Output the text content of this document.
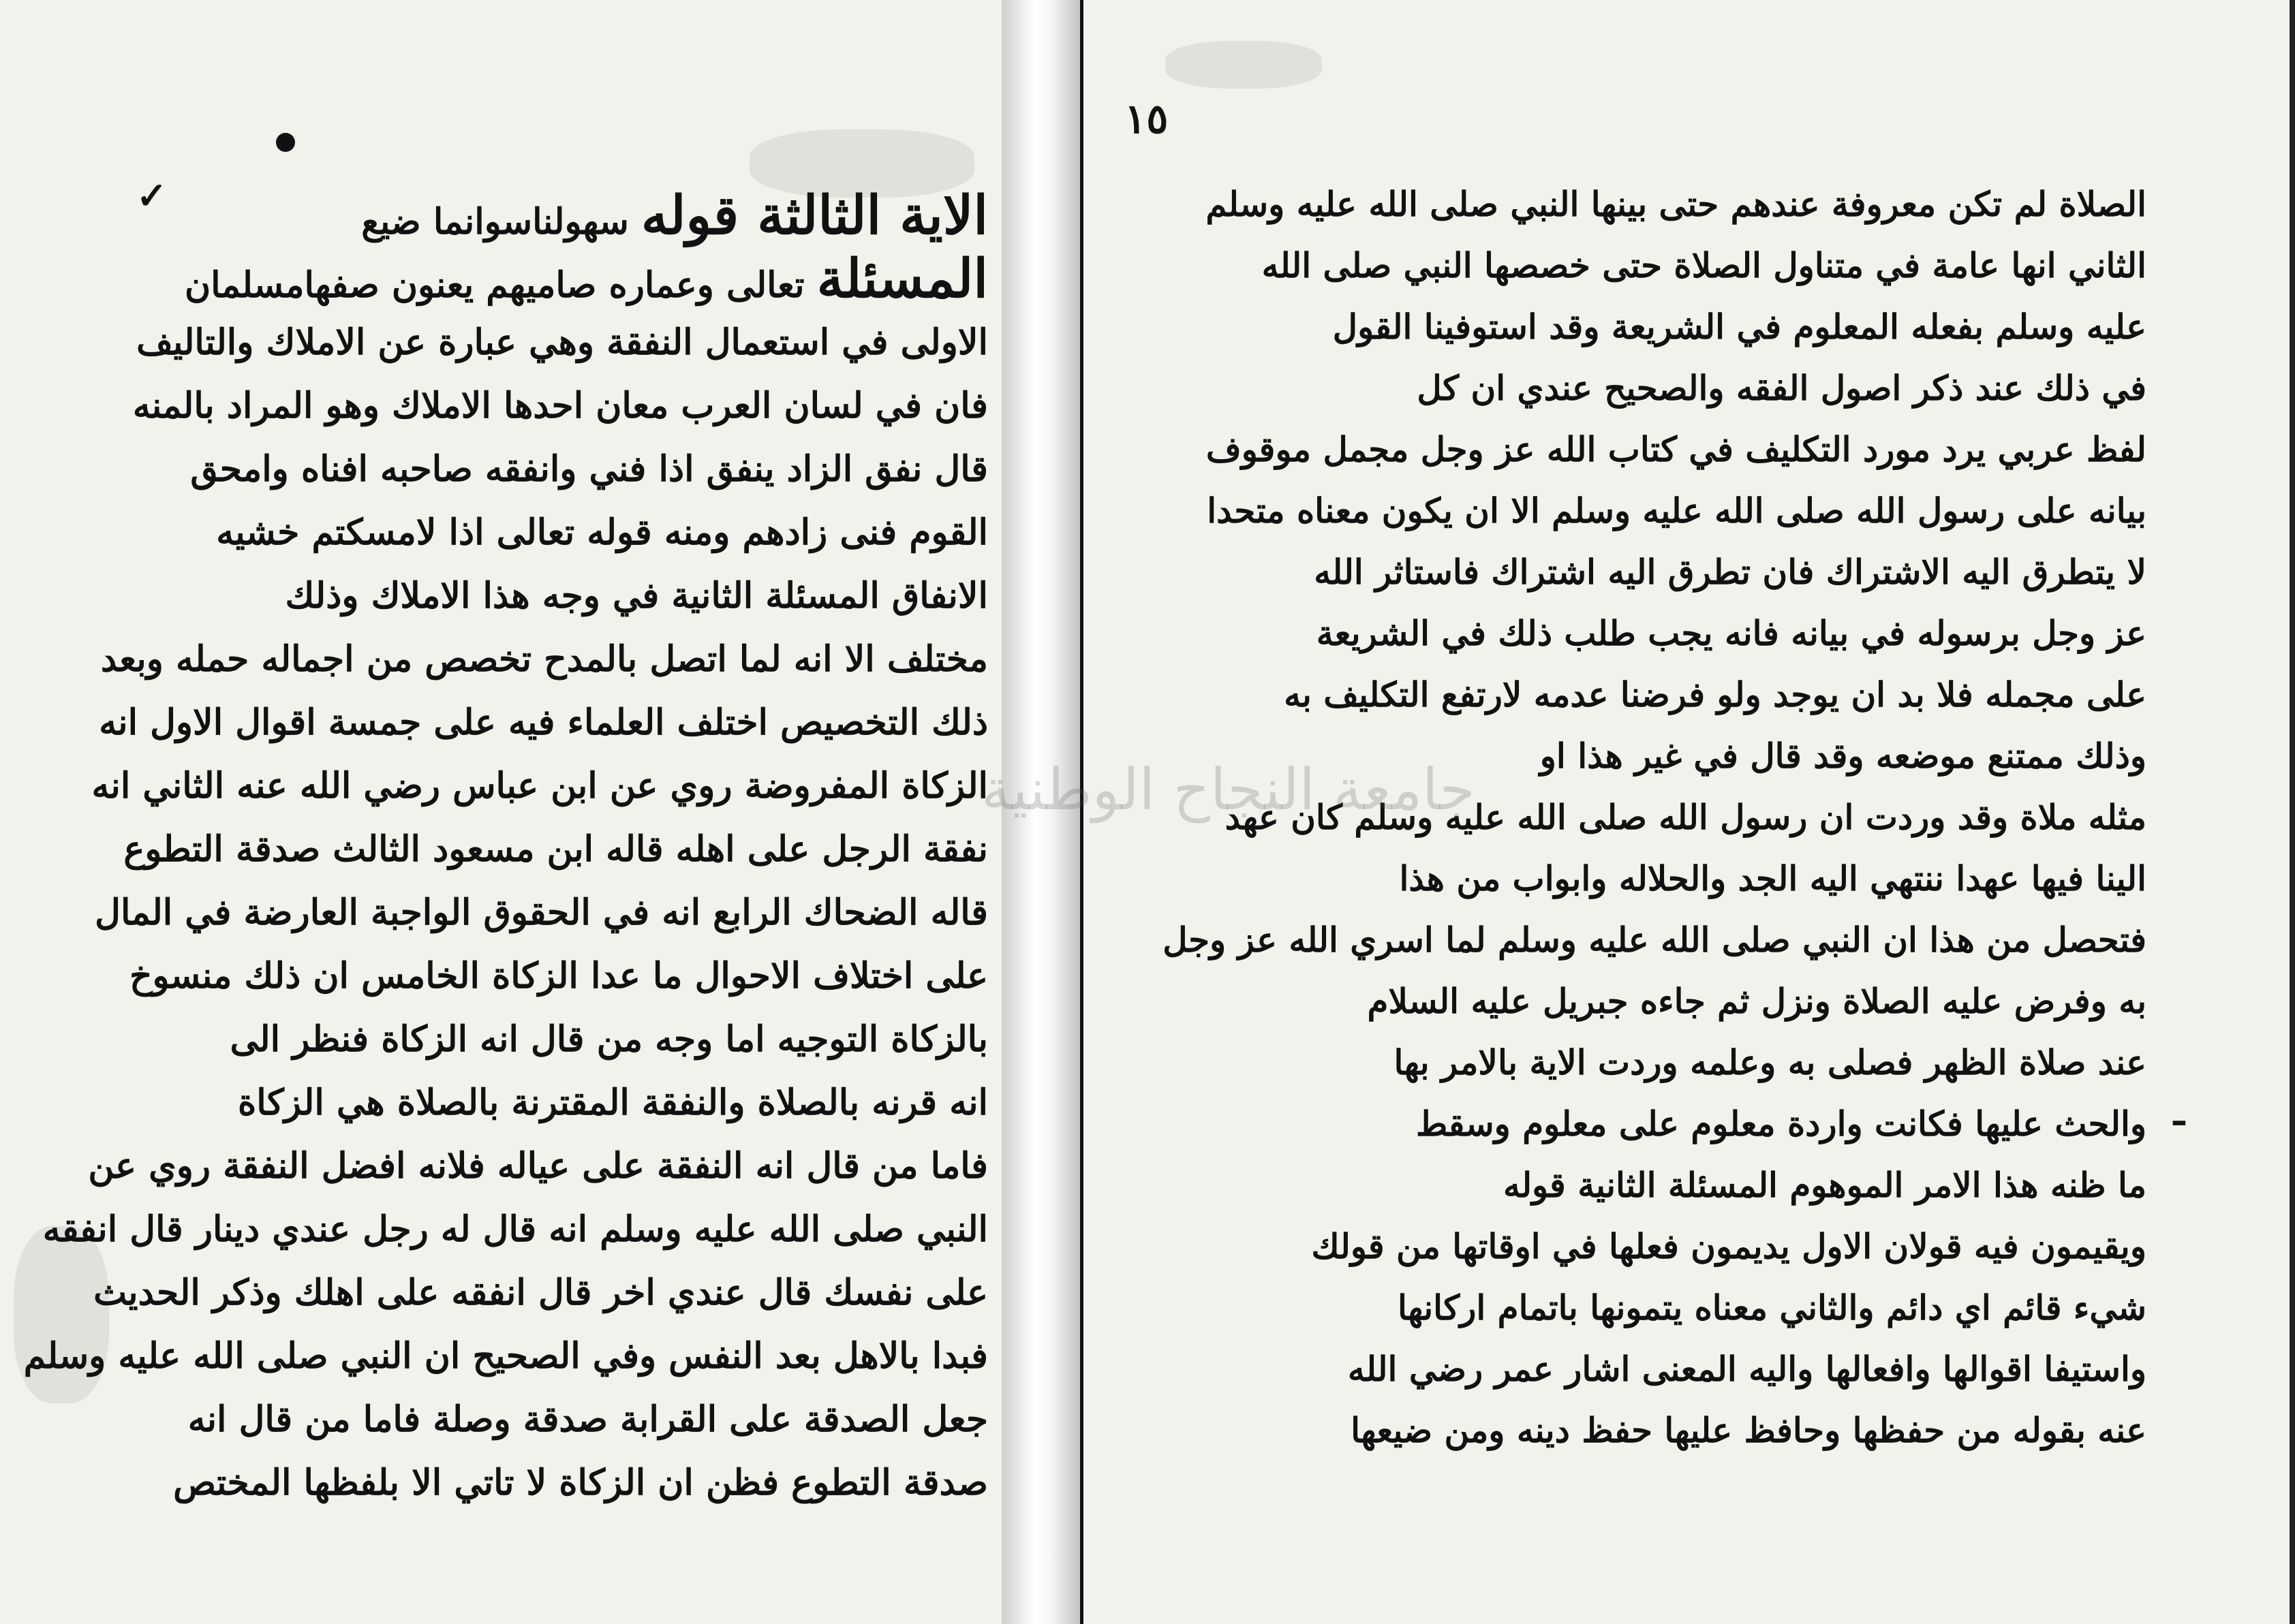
✓	الاية الثالثة قوله سهولناسوانما ضيع
المسئلة تعالى وعماره صاميهم يعنون صفهامسلمان
الاولى في استعمال النفقة وهي عبارة عن الاملاك والتاليف
فان في لسان العرب معان احدها الاملاك وهو المراد بالمنه
قال نفق الزاد ينفق اذا فني وانفقه صاحبه افناه وامحق
القوم فنى زادهم ومنه قوله تعالى اذا لامسكتم خشيه
الانفاق المسئلة الثانية في وجه هذا الاملاك وذلك
مختلف الا انه لما اتصل بالمدح تخصص من اجماله حمله وبعد
ذلك التخصيص اختلف العلماء فيه على جمسة اقوال الاول انه
الزكاة المفروضة روي عن ابن عباس رضي الله عنه الثاني انه
نفقة الرجل على اهله قاله ابن مسعود الثالث صدقة التطوع
قاله الضحاك الرابع انه في الحقوق الواجبة العارضة في المال
على اختلاف الاحوال ما عدا الزكاة الخامس ان ذلك منسوخ
بالزكاة التوجيه اما وجه من قال انه الزكاة فنظر الى
انه قرنه بالصلاة والنفقة المقترنة بالصلاة هي الزكاة
فاما من قال انه النفقة على عياله فلانه افضل النفقة روي عن
النبي صلى الله عليه وسلم انه قال له رجل عندي دينار قال انفقه
على نفسك قال عندي اخر قال انفقه على اهلك وذكر الحديث
فبدا بالاهل بعد النفس وفي الصحيح ان النبي صلى الله عليه وسلم
جعل الصدقة على القرابة صدقة وصلة فاما من قال انه
صدقة التطوع فظن ان الزكاة لا تاتي الا بلفظها المختص
١٥
ـ
الصلاة لم تكن معروفة عندهم حتى بينها النبي صلى الله عليه وسلم
الثاني انها عامة في متناول الصلاة حتى خصصها النبي صلى الله
عليه وسلم بفعله المعلوم في الشريعة وقد استوفينا القول
في ذلك عند ذكر اصول الفقه والصحيح عندي ان كل
لفظ عربي يرد مورد التكليف في كتاب الله عز وجل مجمل موقوف
بيانه على رسول الله صلى الله عليه وسلم الا ان يكون معناه متحدا
لا يتطرق اليه الاشتراك فان تطرق اليه اشتراك فاستاثر الله
عز وجل برسوله في بيانه فانه يجب طلب ذلك في الشريعة
على مجمله فلا بد ان يوجد ولو فرضنا عدمه لارتفع التكليف به
وذلك ممتنع موضعه وقد قال في غير هذا او
مثله ملاة وقد وردت ان رسول الله صلى الله عليه وسلم كان عهد
الينا فيها عهدا ننتهي اليه الجد والحلاله وابواب من هذا
فتحصل من هذا ان النبي صلى الله عليه وسلم لما اسري الله عز وجل
به وفرض عليه الصلاة ونزل ثم جاءه جبريل عليه السلام
عند صلاة الظهر فصلى به وعلمه وردت الاية بالامر بها
والحث عليها فكانت واردة معلوم على معلوم وسقط
ما ظنه هذا الامر الموهوم المسئلة الثانية قوله
ويقيمون فيه قولان الاول يديمون فعلها في اوقاتها من قولك
شيء قائم اي دائم والثاني معناه يتمونها باتمام اركانها
واستيفا اقوالها وافعالها واليه المعنى اشار عمر رضي الله
عنه بقوله من حفظها وحافظ عليها حفظ دينه ومن ضيعها
جامعة النجاح الوطنية
